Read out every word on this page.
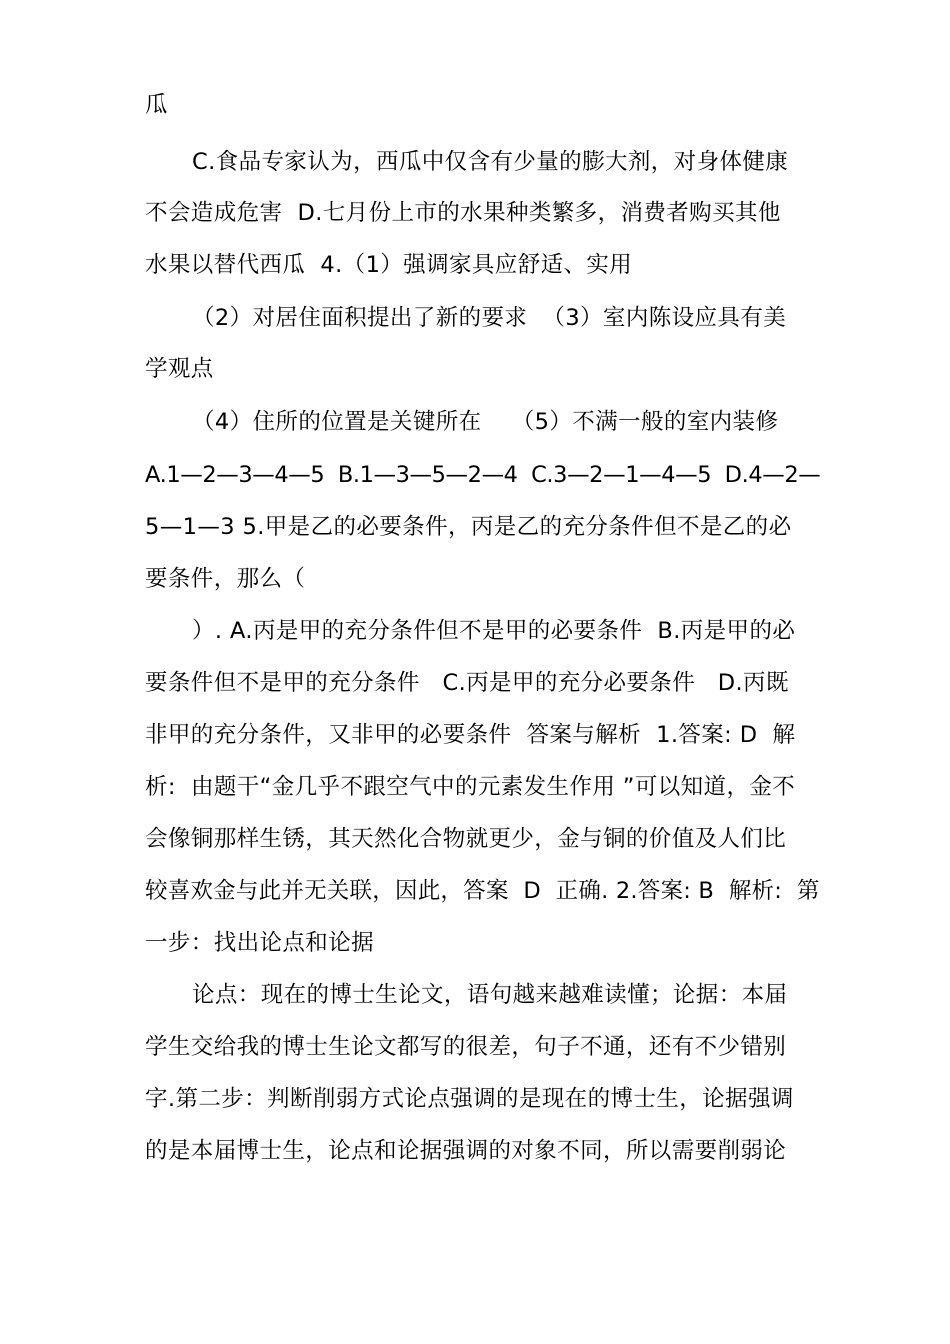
瓜
C.食品专家认为，西瓜中仅含有少量的膨大剂，对身体健康
不会造成危害  D.七月份上市的水果种类繁多，消费者购买其他
水果以替代西瓜  4.（1）强调家具应舒适、实用
（2）对居住面积提出了新的要求  （3）室内陈设应具有美
学观点
（4）住所的位置是关键所在    （5）不满一般的室内装修
A.1—2—3—4—5  B.1—3—5—2—4  C.3—2—1—4—5  D.4—2—
5—1—3 5.甲是乙的必要条件，丙是乙的充分条件但不是乙的必
要条件，那么（
）. A.丙是甲的充分条件但不是甲的必要条件  B.丙是甲的必
要条件但不是甲的充分条件   C.丙是甲的充分必要条件   D.丙既
非甲的充分条件，又非甲的必要条件  答案与解析  1.答案: D  解
析:  由题干“金几乎不跟空气中的元素发生作用 ”可以知道，金不
会像铜那样生锈，其天然化合物就更少，金与铜的价值及人们比
较喜欢金与此并无关联，因此，答案  D  正确. 2.答案: B  解析:  第
一步：找出论点和论据
论点：现在的博士生论文，语句越来越难读懂；论据：本届
学生交给我的博士生论文都写的很差，句子不通，还有不少错别
字.第二步：判断削弱方式论点强调的是现在的博士生，论据强调
的是本届博士生，论点和论据强调的对象不同，所以需要削弱论
